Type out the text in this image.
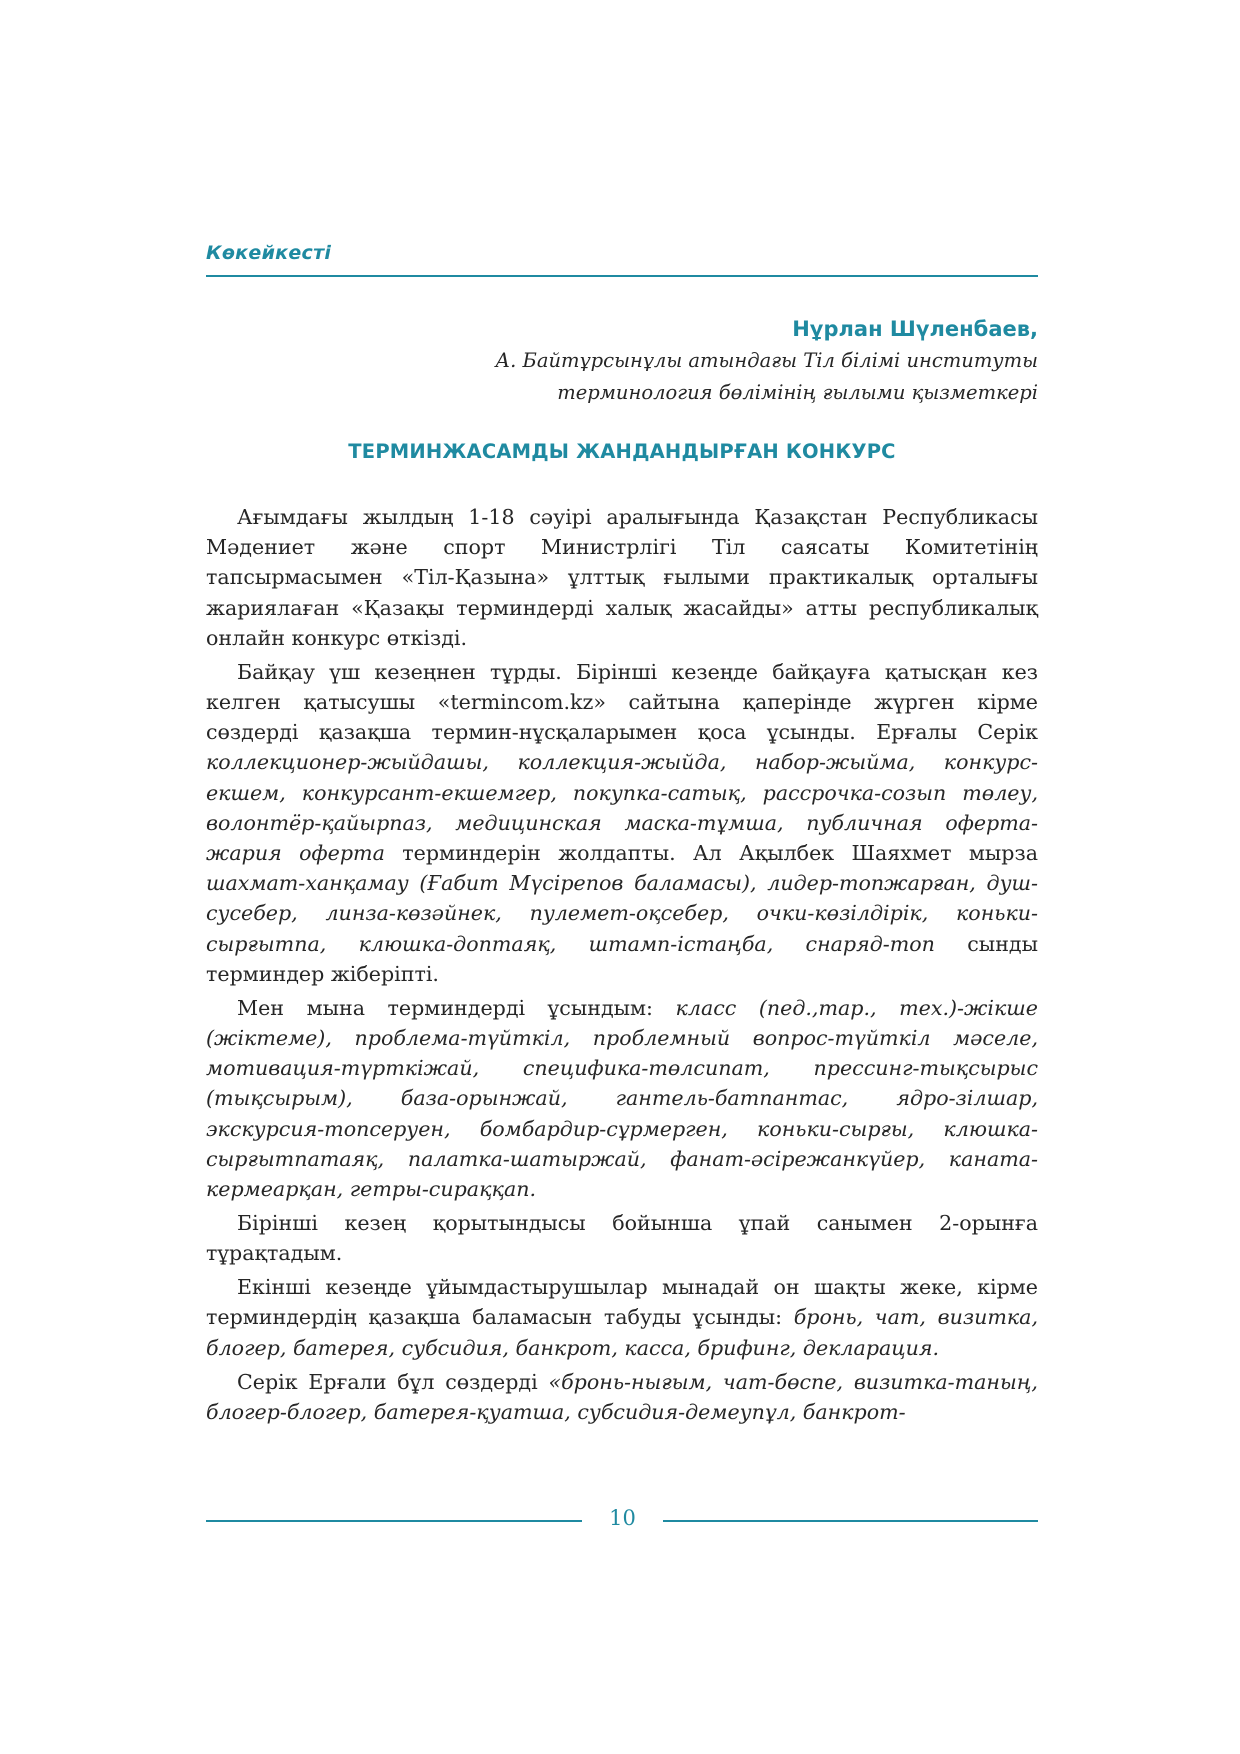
Көкейкесті
Нұрлан Шүленбаев,
А. Байтұрсынұлы атындағы Тіл білімі институты
терминология бөлімінің ғылыми қызметкері
ТЕРМИНЖАСАМДЫ ЖАНДАНДЫРҒАН КОНКУРС

Ағымдағы жылдың 1-18 сәуірі аралығында Қазақстан Республикасы Мәдениет және спорт Министрлігі Тіл саясаты Комитетінің тапсырмасымен «Тіл-Қазына» ұлттық ғылыми практикалық орталығы жариялаған «Қазақы терминдерді халық жасайды» атты республикалық онлайн конкурс өткізді.

Байқау үш кезеңнен тұрды. Бірінші кезеңде байқауға қатысқан кез келген қатысушы «termincom.kz» сайтына қаперінде жүрген кірме сөздерді қазақша термин-нұсқаларымен қоса ұсынды. Ерғалы Серік коллекционер-жыйдашы, коллекция-жыйда, набор-жыйма, конкурс-екшем, конкурсант-екшемгер, покупка-сатық, рассрочка-созып төлеу, волонтёр-қайырпаз, медицинская маска-тұмша, публичная оферта-жария оферта терминдерін жолдапты. Ал Ақылбек Шаяхмет мырза шахмат-ханқамау (Ғабит Мүсірепов баламасы), лидер-топжарған, душ-сусебер, линза-көзәйнек, пулемет-оқсебер, очки-көзілдірік, коньки-сырғытпа, клюшка-доптаяқ, штамп-істаңба, снаряд-топ сынды терминдер жіберіпті.

Мен мына терминдерді ұсындым: класс (пед.,тар., тех.)-жікше (жіктеме), проблема-түйткіл, проблемный вопрос-түйткіл мәселе, мотивация-түрткіжай, специфика-төлсипат, прессинг-тықсырыс (тықсырым), база-орынжай, гантель-батпантас, ядро-зілшар, экскурсия-топсеруен, бомбардир-сұрмерген, коньки-сырғы, клюшка-сырғытпатаяқ, палатка-шатыржай, фанат-әсірежанкүйер, каната-кермеарқан, гетры-сираққап.

Бірінші кезең қорытындысы бойынша ұпай санымен 2-орынға тұрақтадым.

Екінші кезеңде ұйымдастырушылар мынадай он шақты жеке, кірме терминдердің қазақша баламасын табуды ұсынды: бронь, чат, визитка, блогер, батерея, субсидия, банкрот, касса, брифинг, декларация.

Серік Ерғали бұл сөздерді «бронь-нығым, чат-бөспе, визитка-таның, блогер-блогер, батерея-қуатша, субсидия-демеупұл, банкрот-

10
